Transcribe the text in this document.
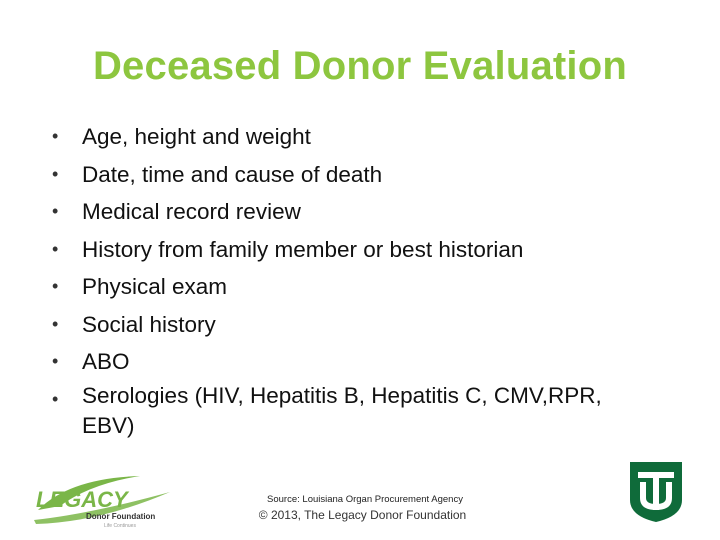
Deceased Donor Evaluation
• Age, height and weight
• Date, time and cause of death
• Medical record review
• History from family member or best historian
• Physical exam
• Social history
• ABO
• Serologies (HIV, Hepatitis B, Hepatitis C, CMV,RPR,
EBV)
LEGACY
Donor Foundation
Life Continues
Source: Louisiana Organ Procurement Agency
© 2013, The Legacy Donor Foundation
